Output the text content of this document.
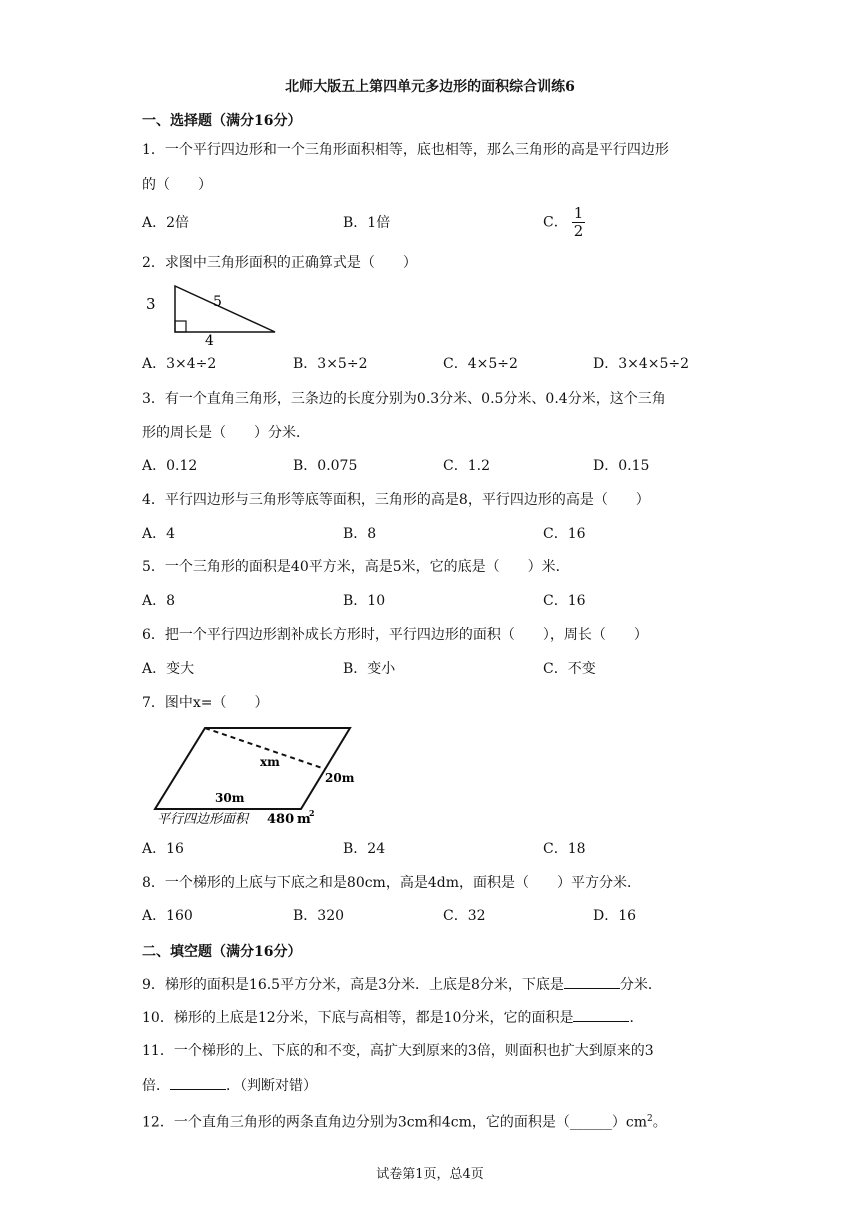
北师大版五上第四单元多边形的面积综合训练6
一、选择题（满分16分）
1．一个平行四边形和一个三角形面积相等，底也相等，那么三角形的高是平行四边形
的（　　）
A．2倍	B．1倍	C． $\frac{1}{2}$
2．求图中三角形面积的正确算式是（　　）
3	5
4
A．3×4÷2	B．3×5÷2	C．4×5÷2	D．3×4×5÷2
3．有一个直角三角形，三条边的长度分别为0.3分米、0.5分米、0.4分米，这个三角
形的周长是（　　）分米．
A．0.12	B．0.075	C．1.2	D．0.15
4．平行四边形与三角形等底等面积，三角形的高是8，平行四边形的高是（　　）
A．4	B．8	C．16
5．一个三角形的面积是40平方米，高是5米，它的底是（　　）米．
A．8	B．10	C．16
6．把一个平行四边形割补成长方形时，平行四边形的面积（　　），周长（　　）
A．变大	B．变小	C．不变
7．图中x=（　　）
xm
20m
30m
平行四边形面积 480 m
2
A．16	B．24	C．18
8．一个梯形的上底与下底之和是80cm，高是4dm，面积是（　　）平方分米．
A．160	B．320	C．32	D．16
二、填空题（满分16分）
9．梯形的面积是16.5平方分米，高是3分米．上底是8分米，下底是	分米．
10．梯形的上底是12分米，下底与高相等，都是10分米，它的面积是	．
11．一个梯形的上、下底的和不变，高扩大到原来的3倍，则面积也扩大到原来的3
倍．	．（判断对错）
12．一个直角三角形的两条直角边分别为3cm和4cm，它的面积是$(\_\_\_\_\_\_)cm^2$。
试卷第1页，总4页
